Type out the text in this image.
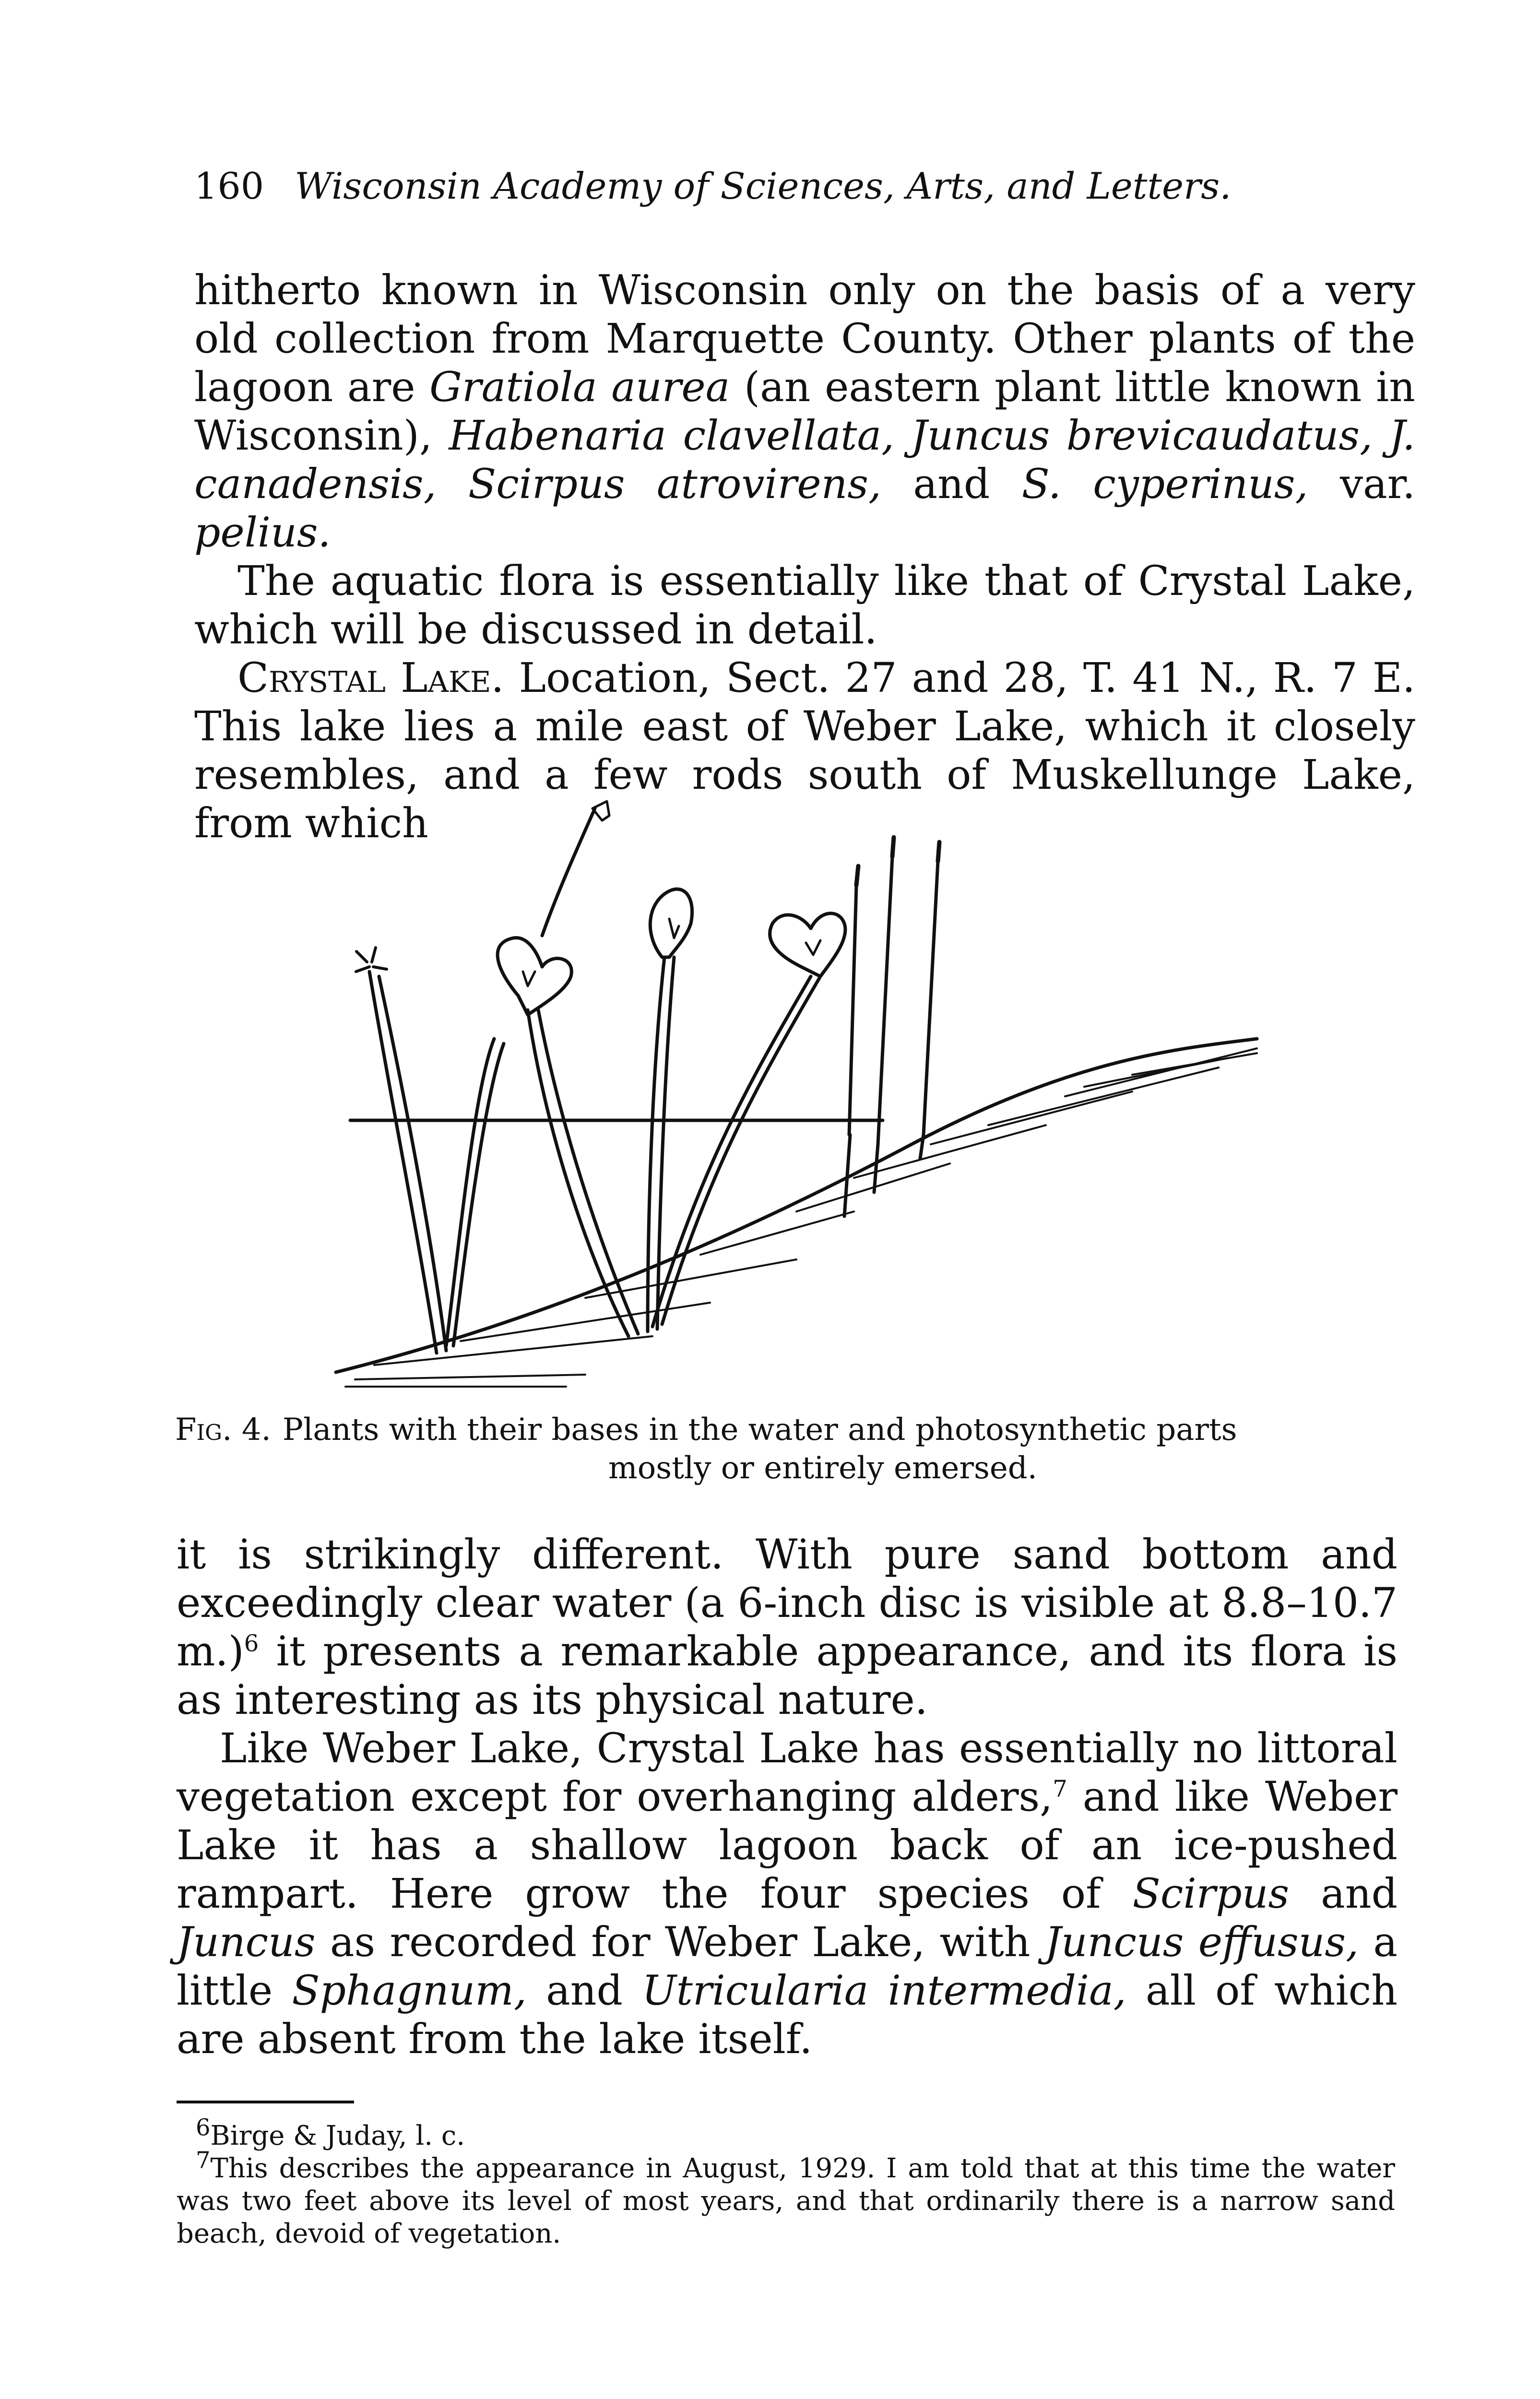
160 Wisconsin Academy of Sciences, Arts, and Letters.

hitherto known in Wisconsin only on the basis of a very old collection from Marquette County. Other plants of the lagoon are Gratiola aurea (an eastern plant little known in Wisconsin), Habenaria clavellata, Juncus brevicaudatus, J. canadensis, Scirpus atrovirens, and S. cyperinus, var. pelius.

The aquatic flora is essentially like that of Crystal Lake, which will be discussed in detail.

Crystal Lake. Location, Sect. 27 and 28, T. 41 N., R. 7 E. This lake lies a mile east of Weber Lake, which it closely resembles, and a few rods south of Muskellunge Lake, from which

Fig. 4. Plants with their bases in the water and photosynthetic parts
mostly or entirely emersed.

it is strikingly different. With pure sand bottom and exceedingly clear water (a 6-inch disc is visible at 8.8–10.7 m.)$^6$ it presents a remarkable appearance, and its flora is as interesting as its physical nature.

Like Weber Lake, Crystal Lake has essentially no littoral vegetation except for overhanging alders,$^7$ and like Weber Lake it has a shallow lagoon back of an ice-pushed rampart. Here grow the four species of Scirpus and Juncus as recorded for Weber Lake, with Juncus effusus, a little Sphagnum, and Utricularia intermedia, all of which are absent from the lake itself.

$^6$Birge & Juday, l. c.

$^7$This describes the appearance in August, 1929. I am told that at this time the water was two feet above its level of most years, and that ordinarily there is a narrow sand beach, devoid of vegetation.
